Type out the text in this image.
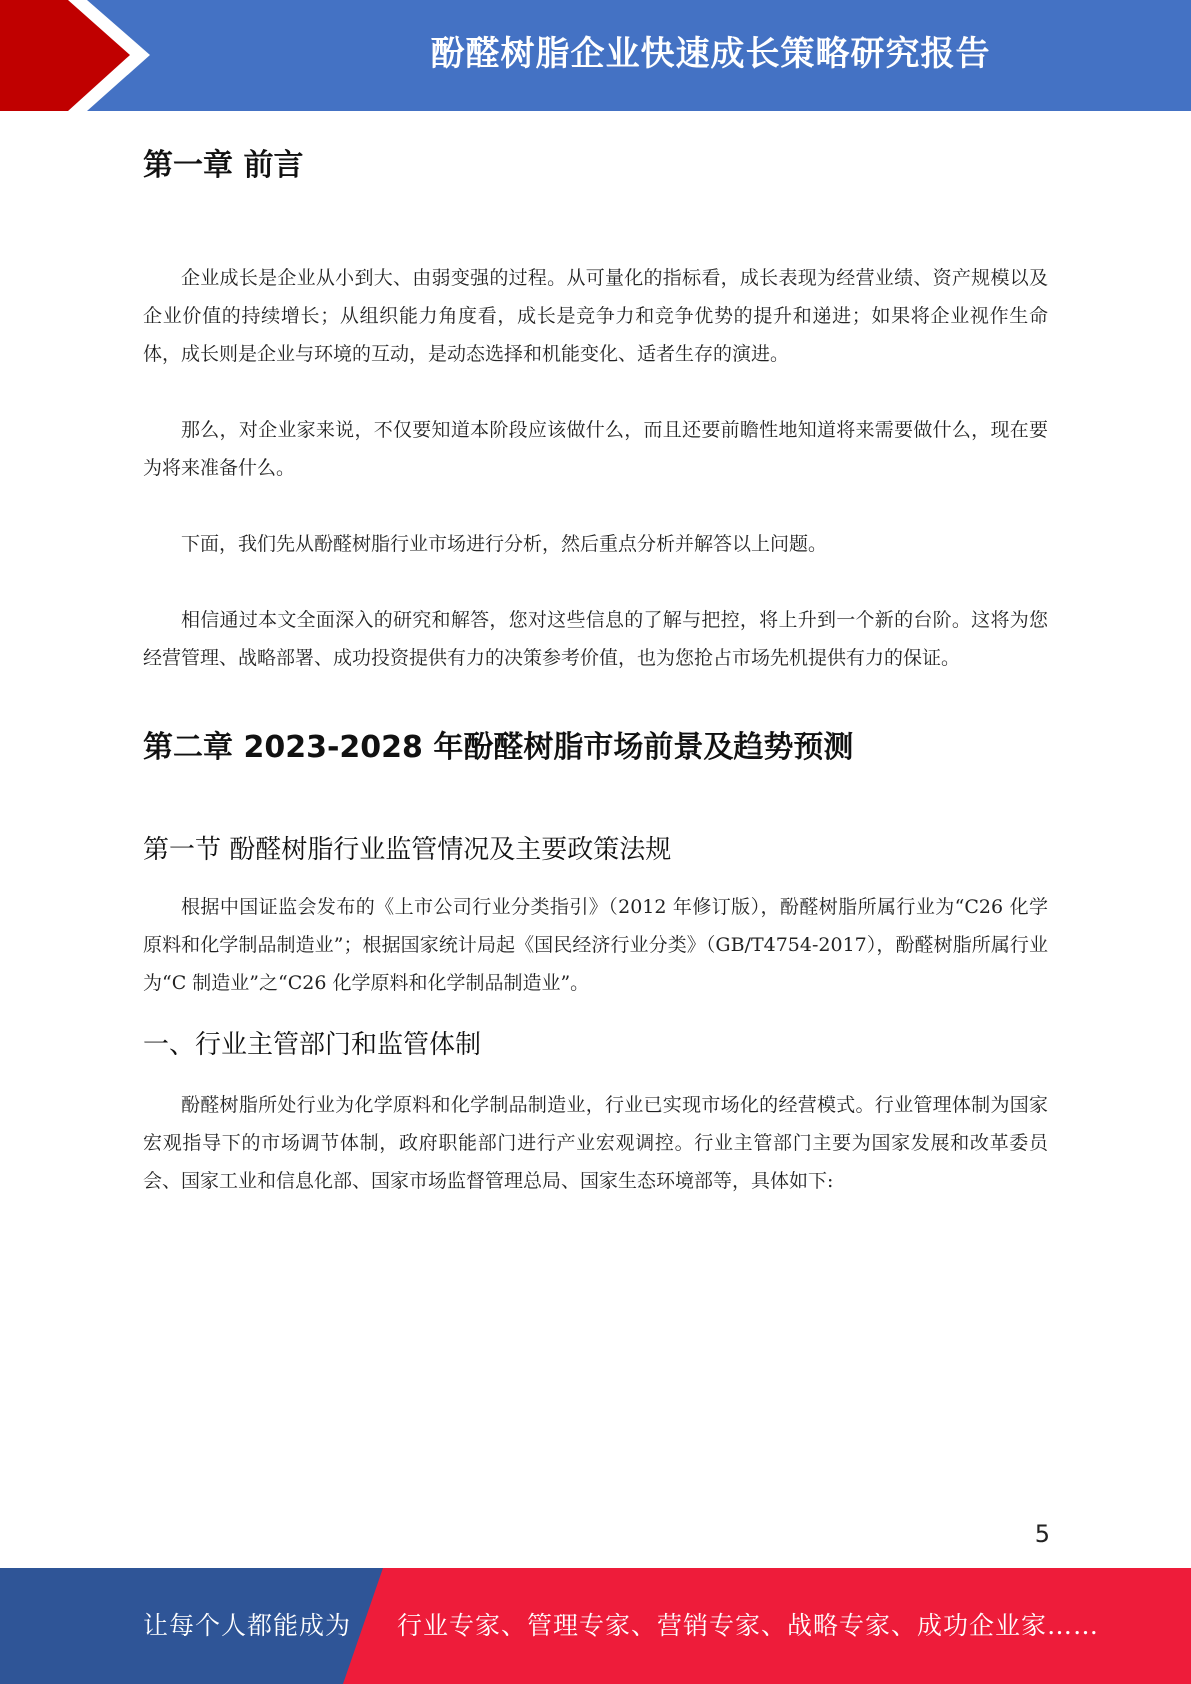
酚醛树脂企业快速成长策略研究报告
第一章 前言

企业成长是企业从小到大、由弱变强的过程。从可量化的指标看，成长表现为经营业绩、资产规模以及企业价值的持续增长；从组织能力角度看，成长是竞争力和竞争优势的提升和递进；如果将企业视作生命体，成长则是企业与环境的互动，是动态选择和机能变化、适者生存的演进。

那么，对企业家来说，不仅要知道本阶段应该做什么，而且还要前瞻性地知道将来需要做什么，现在要为将来准备什么。

下面，我们先从酚醛树脂行业市场进行分析，然后重点分析并解答以上问题。

相信通过本文全面深入的研究和解答，您对这些信息的了解与把控，将上升到一个新的台阶。这将为您经营管理、战略部署、成功投资提供有力的决策参考价值，也为您抢占市场先机提供有力的保证。

第二章 2023-2028 年酚醛树脂市场前景及趋势预测
第一节 酚醛树脂行业监管情况及主要政策法规

根据中国证监会发布的《上市公司行业分类指引》（2012 年修订版），酚醛树脂所属行业为“C26 化学原料和化学制品制造业”；根据国家统计局起《国民经济行业分类》（GB/T4754-2017），酚醛树脂所属行业为“C 制造业”之“C26 化学原料和化学制品制造业”。

一、行业主管部门和监管体制

酚醛树脂所处行业为化学原料和化学制品制造业，行业已实现市场化的经营模式。行业管理体制为国家宏观指导下的市场调节体制，政府职能部门进行产业宏观调控。行业主管部门主要为国家发展和改革委员会、国家工业和信息化部、国家市场监督管理总局、国家生态环境部等，具体如下:

5
让每个人都能成为 行业专家、管理专家、营销专家、战略专家、成功企业家……
